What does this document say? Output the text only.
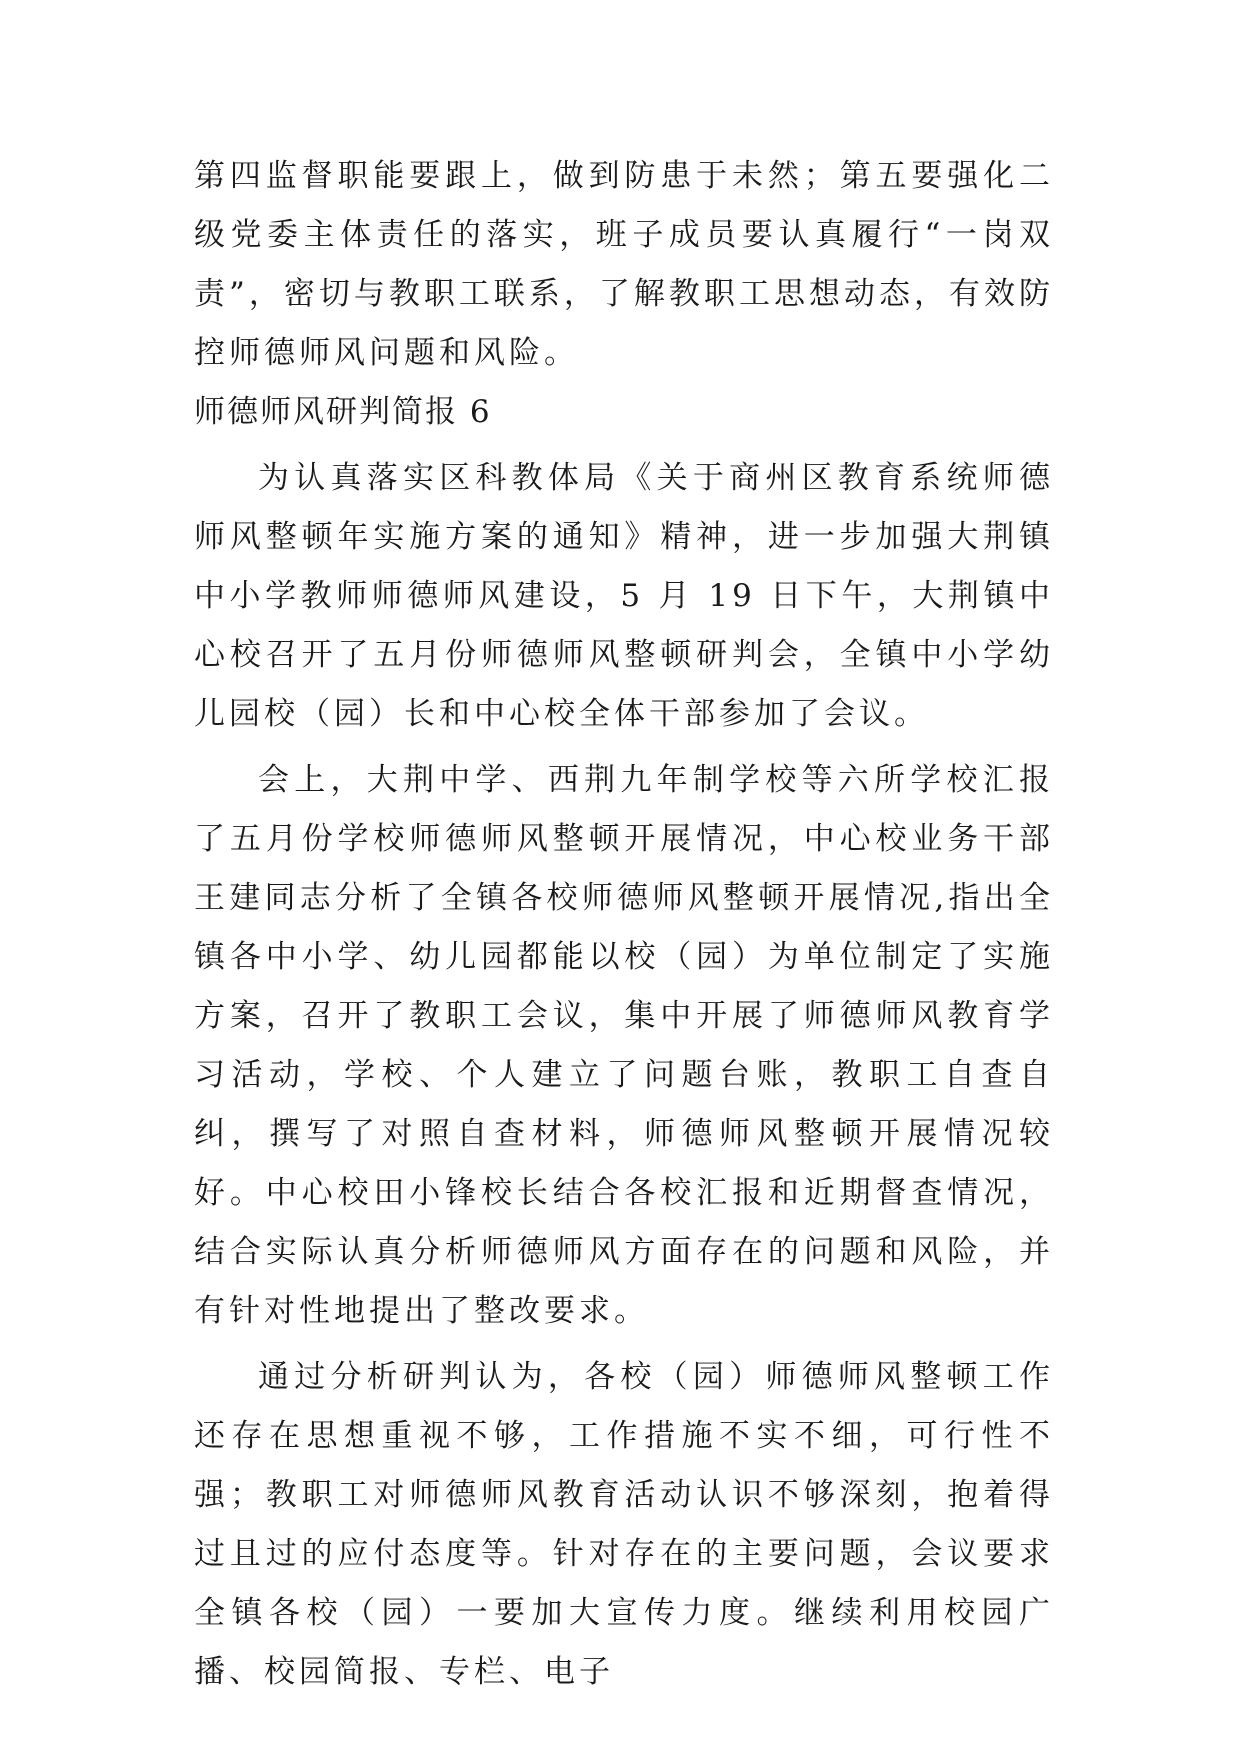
第四监督职能要跟上，做到防患于未然；第五要强化二级党委主体责任的落实，班子成员要认真履行“一岗双责”，密切与教职工联系，了解教职工思想动态，有效防控师德师风问题和风险。

师德师风研判简报 6

为认真落实区科教体局《关于商州区教育系统师德师风整顿年实施方案的通知》精神，进一步加强大荆镇中小学教师师德师风建设，5 月 19 日下午，大荆镇中心校召开了五月份师德师风整顿研判会，全镇中小学幼儿园校（园）长和中心校全体干部参加了会议。

会上，大荆中学、西荆九年制学校等六所学校汇报了五月份学校师德师风整顿开展情况，中心校业务干部王建同志分析了全镇各校师德师风整顿开展情况,指出全镇各中小学、幼儿园都能以校（园）为单位制定了实施方案，召开了教职工会议，集中开展了师德师风教育学习活动，学校、个人建立了问题台账，教职工自查自纠，撰写了对照自查材料，师德师风整顿开展情况较好。中心校田小锋校长结合各校汇报和近期督查情况，结合实际认真分析师德师风方面存在的问题和风险，并有针对性地提出了整改要求。

通过分析研判认为，各校（园）师德师风整顿工作还存在思想重视不够，工作措施不实不细，可行性不强；教职工对师德师风教育活动认识不够深刻，抱着得过且过的应付态度等。针对存在的主要问题，会议要求全镇各校（园）一要加大宣传力度。继续利用校园广播、校园简报、专栏、电子
